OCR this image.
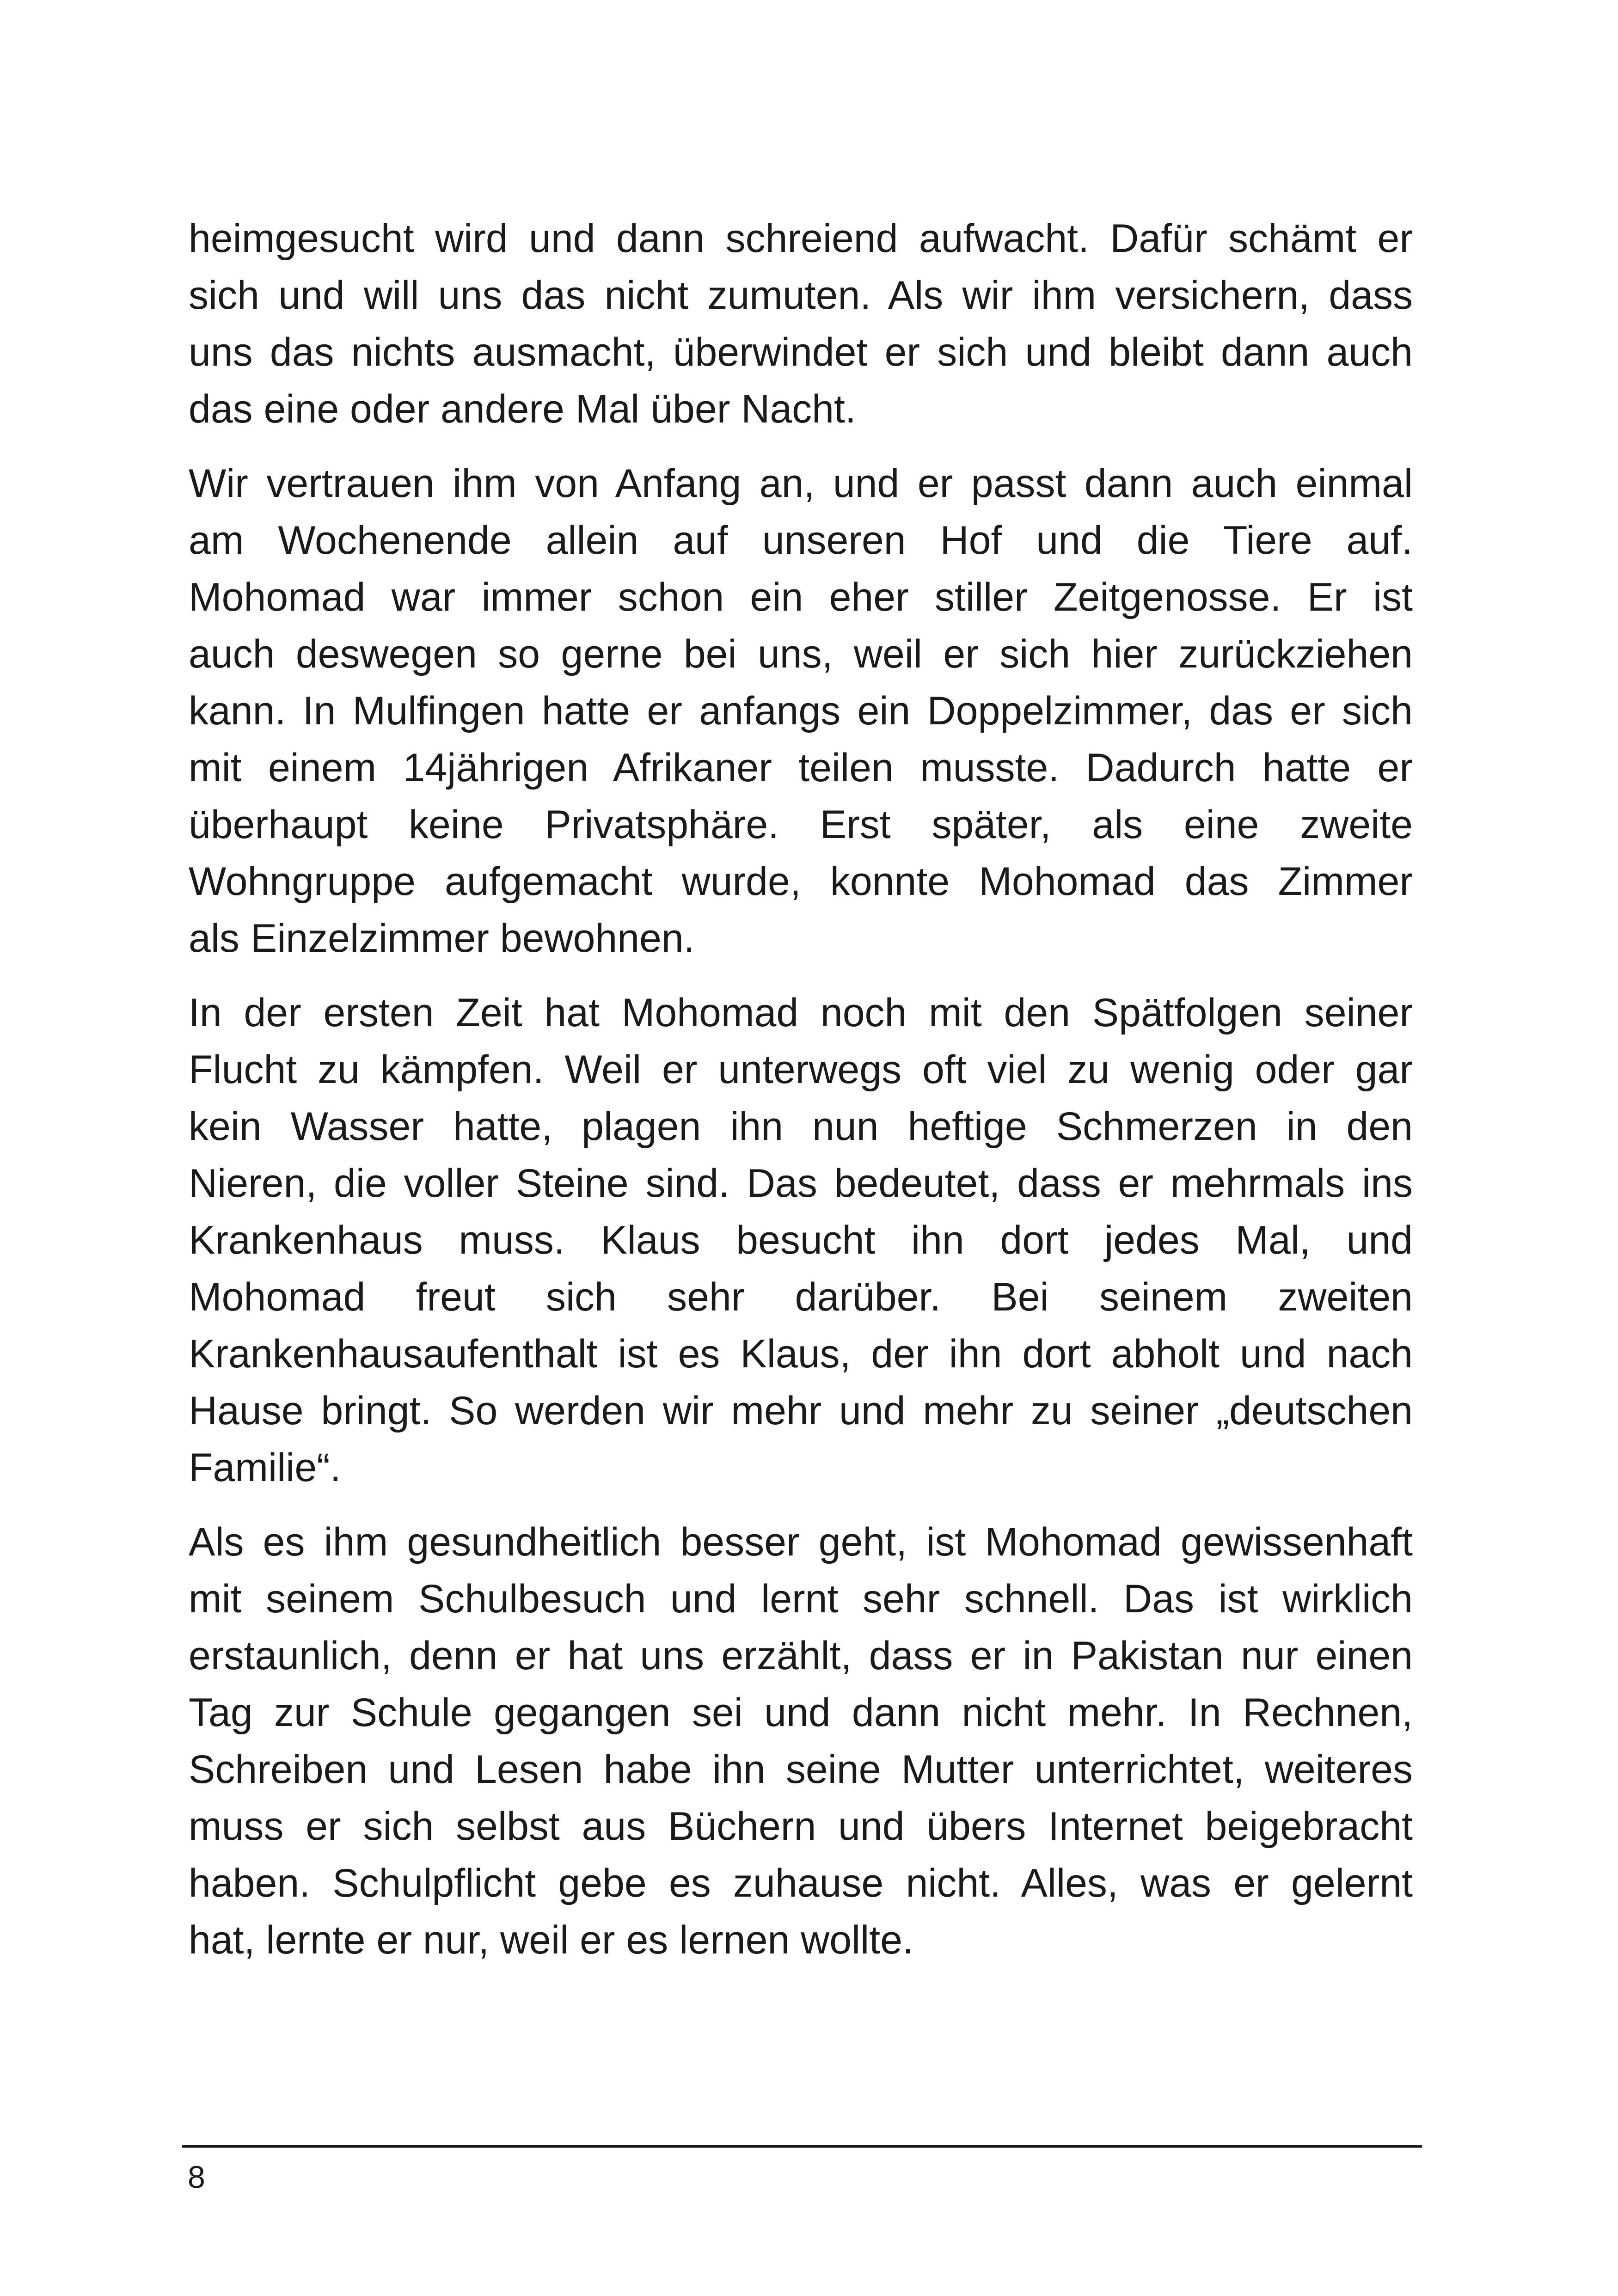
heimgesucht wird und dann schreiend aufwacht. Dafür schämt er
sich und will uns das nicht zumuten. Als wir ihm versichern, dass
uns das nichts ausmacht, überwindet er sich und bleibt dann auch
das eine oder andere Mal über Nacht.

Wir vertrauen ihm von Anfang an, und er passt dann auch einmal
am Wochenende allein auf unseren Hof und die Tiere auf.
Mohomad war immer schon ein eher stiller Zeitgenosse. Er ist
auch deswegen so gerne bei uns, weil er sich hier zurückziehen
kann. In Mulfingen hatte er anfangs ein Doppelzimmer, das er sich
mit einem 14jährigen Afrikaner teilen musste. Dadurch hatte er
überhaupt keine Privatsphäre. Erst später, als eine zweite
Wohngruppe aufgemacht wurde, konnte Mohomad das Zimmer
als Einzelzimmer bewohnen.

In der ersten Zeit hat Mohomad noch mit den Spätfolgen seiner
Flucht zu kämpfen. Weil er unterwegs oft viel zu wenig oder gar
kein Wasser hatte, plagen ihn nun heftige Schmerzen in den
Nieren, die voller Steine sind. Das bedeutet, dass er mehrmals ins
Krankenhaus muss. Klaus besucht ihn dort jedes Mal, und
Mohomad freut sich sehr darüber. Bei seinem zweiten
Krankenhausaufenthalt ist es Klaus, der ihn dort abholt und nach
Hause bringt. So werden wir mehr und mehr zu seiner „deutschen
Familie“.

Als es ihm gesundheitlich besser geht, ist Mohomad gewissenhaft
mit seinem Schulbesuch und lernt sehr schnell. Das ist wirklich
erstaunlich, denn er hat uns erzählt, dass er in Pakistan nur einen
Tag zur Schule gegangen sei und dann nicht mehr. In Rechnen,
Schreiben und Lesen habe ihn seine Mutter unterrichtet, weiteres
muss er sich selbst aus Büchern und übers Internet beigebracht
haben. Schulpflicht gebe es zuhause nicht. Alles, was er gelernt
hat, lernte er nur, weil er es lernen wollte.

8
